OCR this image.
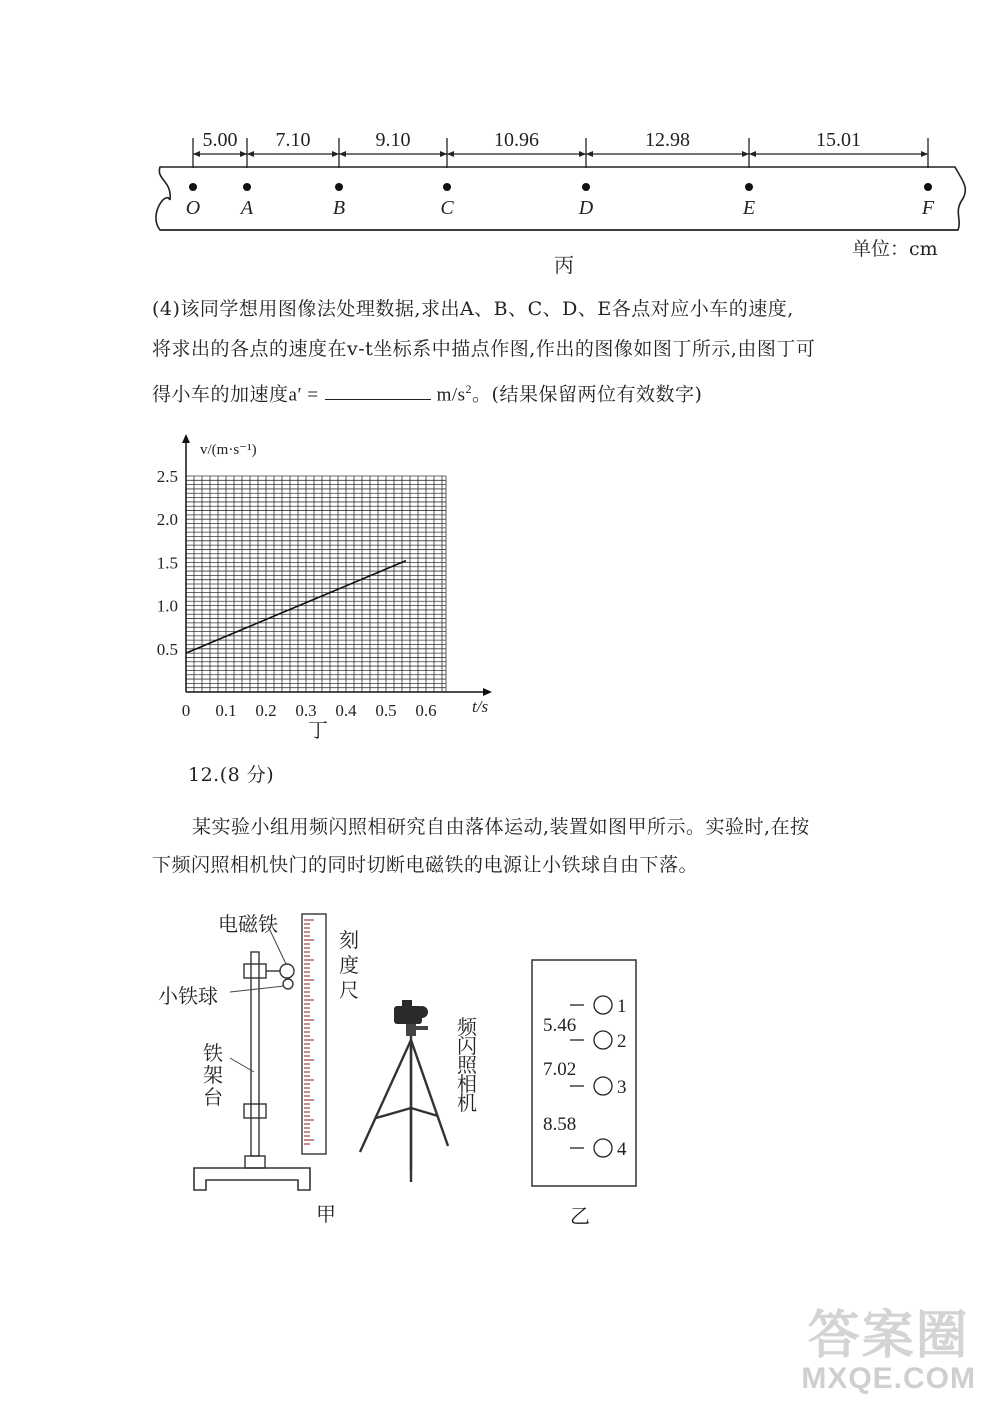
O A	B	C	D	E	F
5.00 7.10	9.10	10.96	12.98	15.01
单位：cm
丙
(4)该同学想用图像法处理数据,求出A、B、C、D、E各点对应小车的速度,
将求出的各点的速度在v-t坐标系中描点作图,作出的图像如图丁所示,由图丁可
得小车的加速度a′ =	$m/s^2$。(结果保留两位有效数字)
0 0.1 0.2 0.3 0.4 0.5 0.6
0.5
1.0
1.5
2.0
2.5
t/s
v/(m·s⁻¹)
丁
12.(8 分)
某实验小组用频闪照相研究自由落体运动,装置如图甲所示。实验时,在按
下频闪照相机快门的同时切断电磁铁的电源让小铁球自由下落。
电磁铁
小铁球
铁
架
台
刻
度
尺
频
闪
照
相
机
甲
1
2
3
4
5.46
7.02
8.58
乙
答案圈
MXQE.COM
